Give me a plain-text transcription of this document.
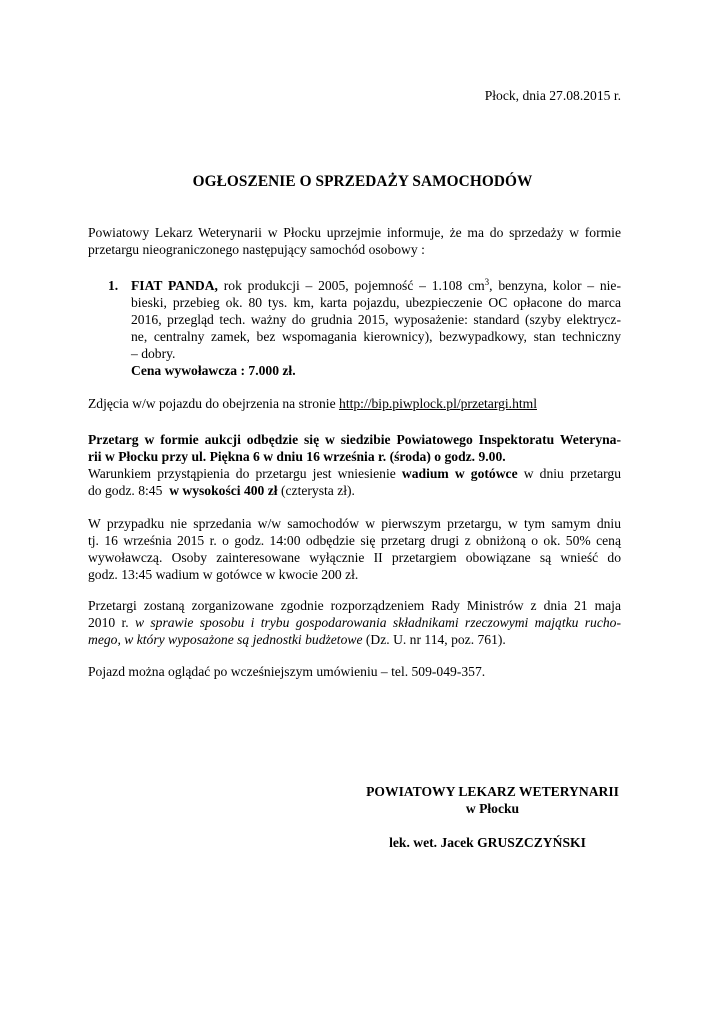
Płock, dnia 27.08.2015 r.
OGŁOSZENIE O SPRZEDAŻY SAMOCHODÓW
Powiatowy Lekarz Weterynarii w Płocku uprzejmie informuje, że ma do sprzedaży w formie
przetargu nieograniczonego następujący samochód osobowy :
1. FIAT PANDA, rok produkcji – 2005, pojemność – 1.108 $cm^3$, benzyna, kolor – nie-
bieski, przebieg ok. 80 tys. km, karta pojazdu, ubezpieczenie OC opłacone do marca
2016, przegląd tech. ważny do grudnia 2015, wyposażenie: standard (szyby elektrycz-
ne, centralny zamek, bez wspomagania kierownicy), bezwypadkowy, stan techniczny
– dobry.
Cena wywoławcza : 7.000 zł.
Zdjęcia w/w pojazdu do obejrzenia na stronie http://bip.piwplock.pl/przetargi.html
Przetarg w formie aukcji odbędzie się w siedzibie Powiatowego Inspektoratu Weteryna-
rii w Płocku przy ul. Piękna 6 w dniu 16 września r. (środa) o godz. 9.00.
Warunkiem przystąpienia do przetargu jest wniesienie wadium w gotówce w dniu przetargu
do godz. 8:45 w wysokości 400 zł (czterysta zł).
W przypadku nie sprzedania w/w samochodów w pierwszym przetargu, w tym samym dniu
tj. 16 września 2015 r. o godz. 14:00 odbędzie się przetarg drugi z obniżoną o ok. 50% ceną
wywoławczą. Osoby zainteresowane wyłącznie II przetargiem obowiązane są wnieść do
godz. 13:45 wadium w gotówce w kwocie 200 zł.
Przetargi zostaną zorganizowane zgodnie rozporządzeniem Rady Ministrów z dnia 21 maja
2010 r. w sprawie sposobu i trybu gospodarowania składnikami rzeczowymi majątku rucho-
mego, w który wyposażone są jednostki budżetowe (Dz. U. nr 114, poz. 761).
Pojazd można oglądać po wcześniejszym umówieniu – tel. 509-049-357.
POWIATOWY LEKARZ WETERYNARII
w Płocku
lek. wet. Jacek GRUSZCZYŃSKI
